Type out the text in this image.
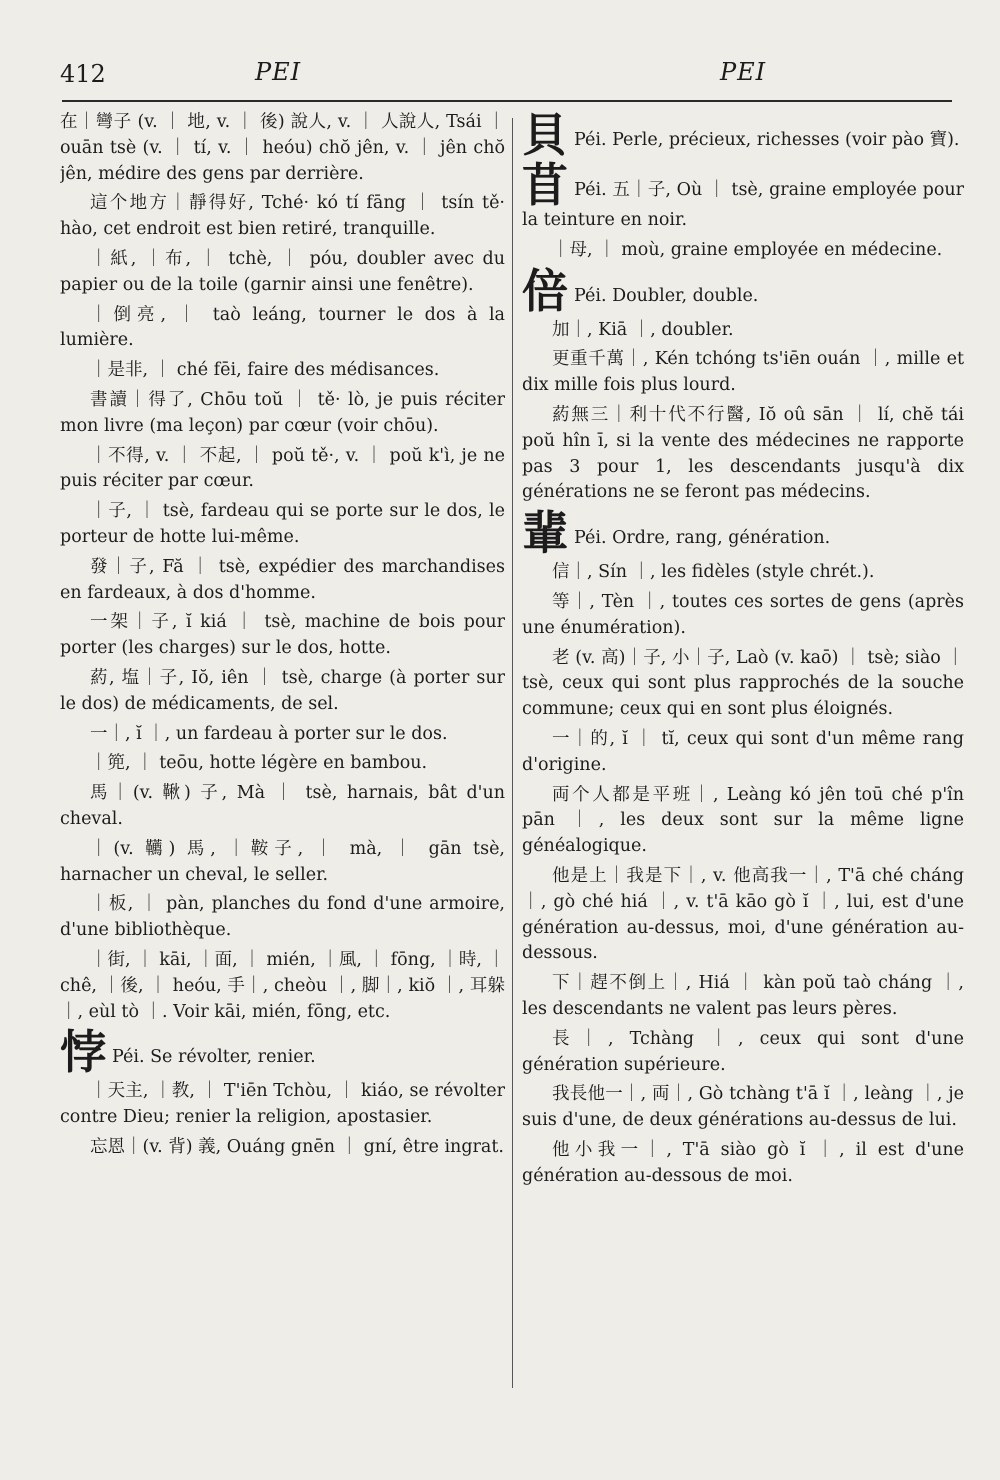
412	PEI	PEI

在｜彎子 (v. ｜ 地, v. ｜ 後) 說人, v. ｜ 人說人, Tsái ｜ ouān tsè (v. ｜ tí, v. ｜ heóu) chŏ jên, v. ｜ jên chŏ jên, médire des gens par derrière.

這个地方｜靜得好, Tché· kó tí fāng ｜ tsín tě· hào, cet endroit est bien retiré, tranquille.

｜紙, ｜布, ｜ tchè, ｜ póu, doubler avec du papier ou de la toile (garnir ainsi une fenêtre).

｜倒亮, ｜ taò leáng, tourner le dos à la lumière.

｜是非, ｜ ché fēi, faire des médisances.

書讀｜得了, Chōu toŭ ｜ tě· lò, je puis réciter mon livre (ma leçon) par cœur (voir chōu).

｜不得, v. ｜ 不起, ｜ poŭ tě·, v. ｜ poŭ k'ì, je ne puis réciter par cœur.

｜子, ｜ tsè, fardeau qui se porte sur le dos, le porteur de hotte lui-même.

發｜子, Fă ｜ tsè, expédier des marchandises en fardeaux, à dos d'homme.

一架｜子, ĭ kiá ｜ tsè, machine de bois pour porter (les charges) sur le dos, hotte.

葯, 塩｜子, Iŏ, iên ｜ tsè, charge (à porter sur le dos) de médicaments, de sel.

一｜, ĭ ｜, un fardeau à porter sur le dos.

｜篼, ｜ teōu, hotte légère en bambou.

馬｜(v. 鞦) 子, Mà ｜ tsè, harnais, bât d'un cheval.

｜(v. 韉) 馬, ｜鞍子, ｜ mà, ｜ gān tsè, harnacher un cheval, le seller.

｜板, ｜ pàn, planches du fond d'une armoire, d'une bibliothèque.

｜街, ｜ kāi, ｜面, ｜ mién, ｜風, ｜ fōng, ｜時, ｜ chê, ｜後, ｜ heóu, 手｜, cheòu ｜, 脚｜, kiŏ ｜, 耳躲｜, eùl tò ｜. Voir kāi, mién, fōng, etc.

悖 Péi. Se révolter, renier.

｜天主, ｜教, ｜ T'iēn Tchòu, ｜ kiáo, se révolter contre Dieu; renier la religion, apostasier.

忘恩｜(v. 背) 義, Ouáng gnēn ｜ gní, être ingrat.

貝 Péi. Perle, précieux, richesses (voir pào 寶).

苜 Péi. 五｜子, Où ｜ tsè, graine employée pour la teinture en noir.

｜母, ｜ moù, graine employée en médecine.

倍 Péi. Doubler, double.

加｜, Kiā ｜, doubler.

更重千萬｜, Kén tchóng ts'iēn ouán ｜, mille et dix mille fois plus lourd.

葯無三｜利十代不行醫, Iŏ oû sān ｜ lí, chĕ tái poŭ hîn ī, si la vente des médecines ne rapporte pas 3 pour 1, les descendants jusqu'à dix générations ne se feront pas médecins.

輩 Péi. Ordre, rang, génération.

信｜, Sín ｜, les fidèles (style chrét.).

等｜, Tèn ｜, toutes ces sortes de gens (après une énumération).

老 (v. 高)｜子, 小｜子, Laò (v. kaō) ｜ tsè; siào ｜ tsè, ceux qui sont plus rapprochés de la souche commune; ceux qui en sont plus éloignés.

一｜的, ĭ ｜ tĭ, ceux qui sont d'un même rang d'origine.

両个人都是平班｜, Leàng kó jên toū ché p'în pān ｜, les deux sont sur la même ligne généalogique.

他是上｜我是下｜, v. 他高我一｜, T'ā ché cháng ｜, gò ché hiá ｜, v. t'ā kāo gò ĭ ｜, lui, est d'une génération au-dessus, moi, d'une génération au-dessous.

下｜趕不倒上｜, Hiá ｜ kàn poŭ taò cháng ｜, les descendants ne valent pas leurs pères.

長｜, Tchàng ｜, ceux qui sont d'une génération supérieure.

我長他一｜, 両｜, Gò tchàng t'ā ĭ ｜, leàng ｜, je suis d'une, de deux générations au-dessus de lui.

他小我一｜, T'ā siào gò ĭ ｜, il est d'une génération au-dessous de moi.
